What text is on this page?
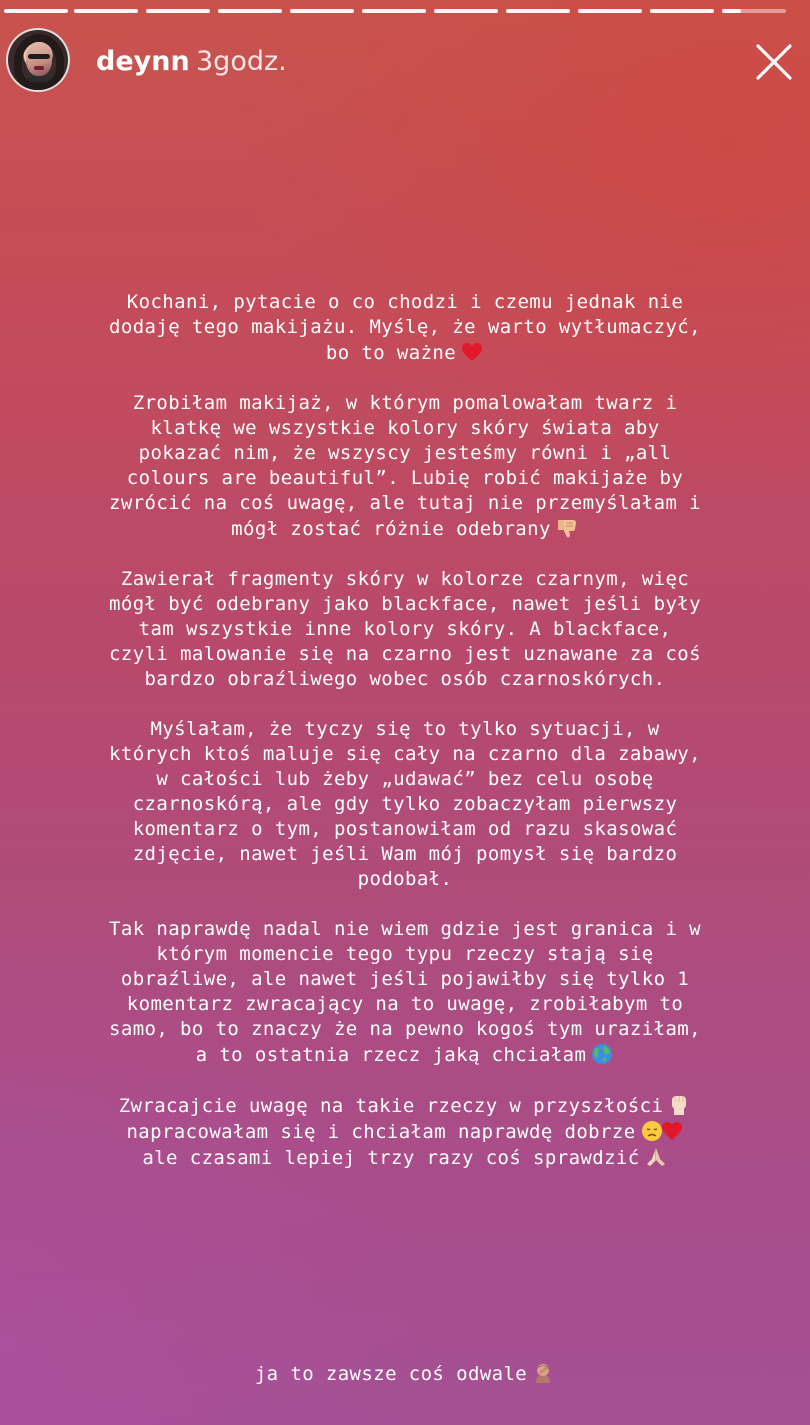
deynn 3godz.
Kochani, pytacie o co chodzi i czemu jednak nie
dodaję tego makijażu. Myślę, że warto wytłumaczyć,
bo to ważne
Zrobiłam makijaż, w którym pomalowałam twarz i
klatkę we wszystkie kolory skóry świata aby
pokazać nim, że wszyscy jesteśmy równi i „all
colours are beautiful”. Lubię robić makijaże by
zwrócić na coś uwagę, ale tutaj nie przemyślałam i
mógł zostać różnie odebrany
Zawierał fragmenty skóry w kolorze czarnym, więc
mógł być odebrany jako blackface, nawet jeśli były
tam wszystkie inne kolory skóry. A blackface,
czyli malowanie się na czarno jest uznawane za coś
bardzo obraźliwego wobec osób czarnoskórych.
Myślałam, że tyczy się to tylko sytuacji, w
których ktoś maluje się cały na czarno dla zabawy,
w całości lub żeby „udawać” bez celu osobę
czarnoskórą, ale gdy tylko zobaczyłam pierwszy
komentarz o tym, postanowiłam od razu skasować
zdjęcie, nawet jeśli Wam mój pomysł się bardzo
podobał.
Tak naprawdę nadal nie wiem gdzie jest granica i w
którym momencie tego typu rzeczy stają się
obraźliwe, ale nawet jeśli pojawiłby się tylko 1
komentarz zwracający na to uwagę, zrobiłabym to
samo, bo to znaczy że na pewno kogoś tym uraziłam,
a to ostatnia rzecz jaką chciałam
Zwracajcie uwagę na takie rzeczy w przyszłości
napracowałam się i chciałam naprawdę dobrze
ale czasami lepiej trzy razy coś sprawdzić
ja to zawsze coś odwale
